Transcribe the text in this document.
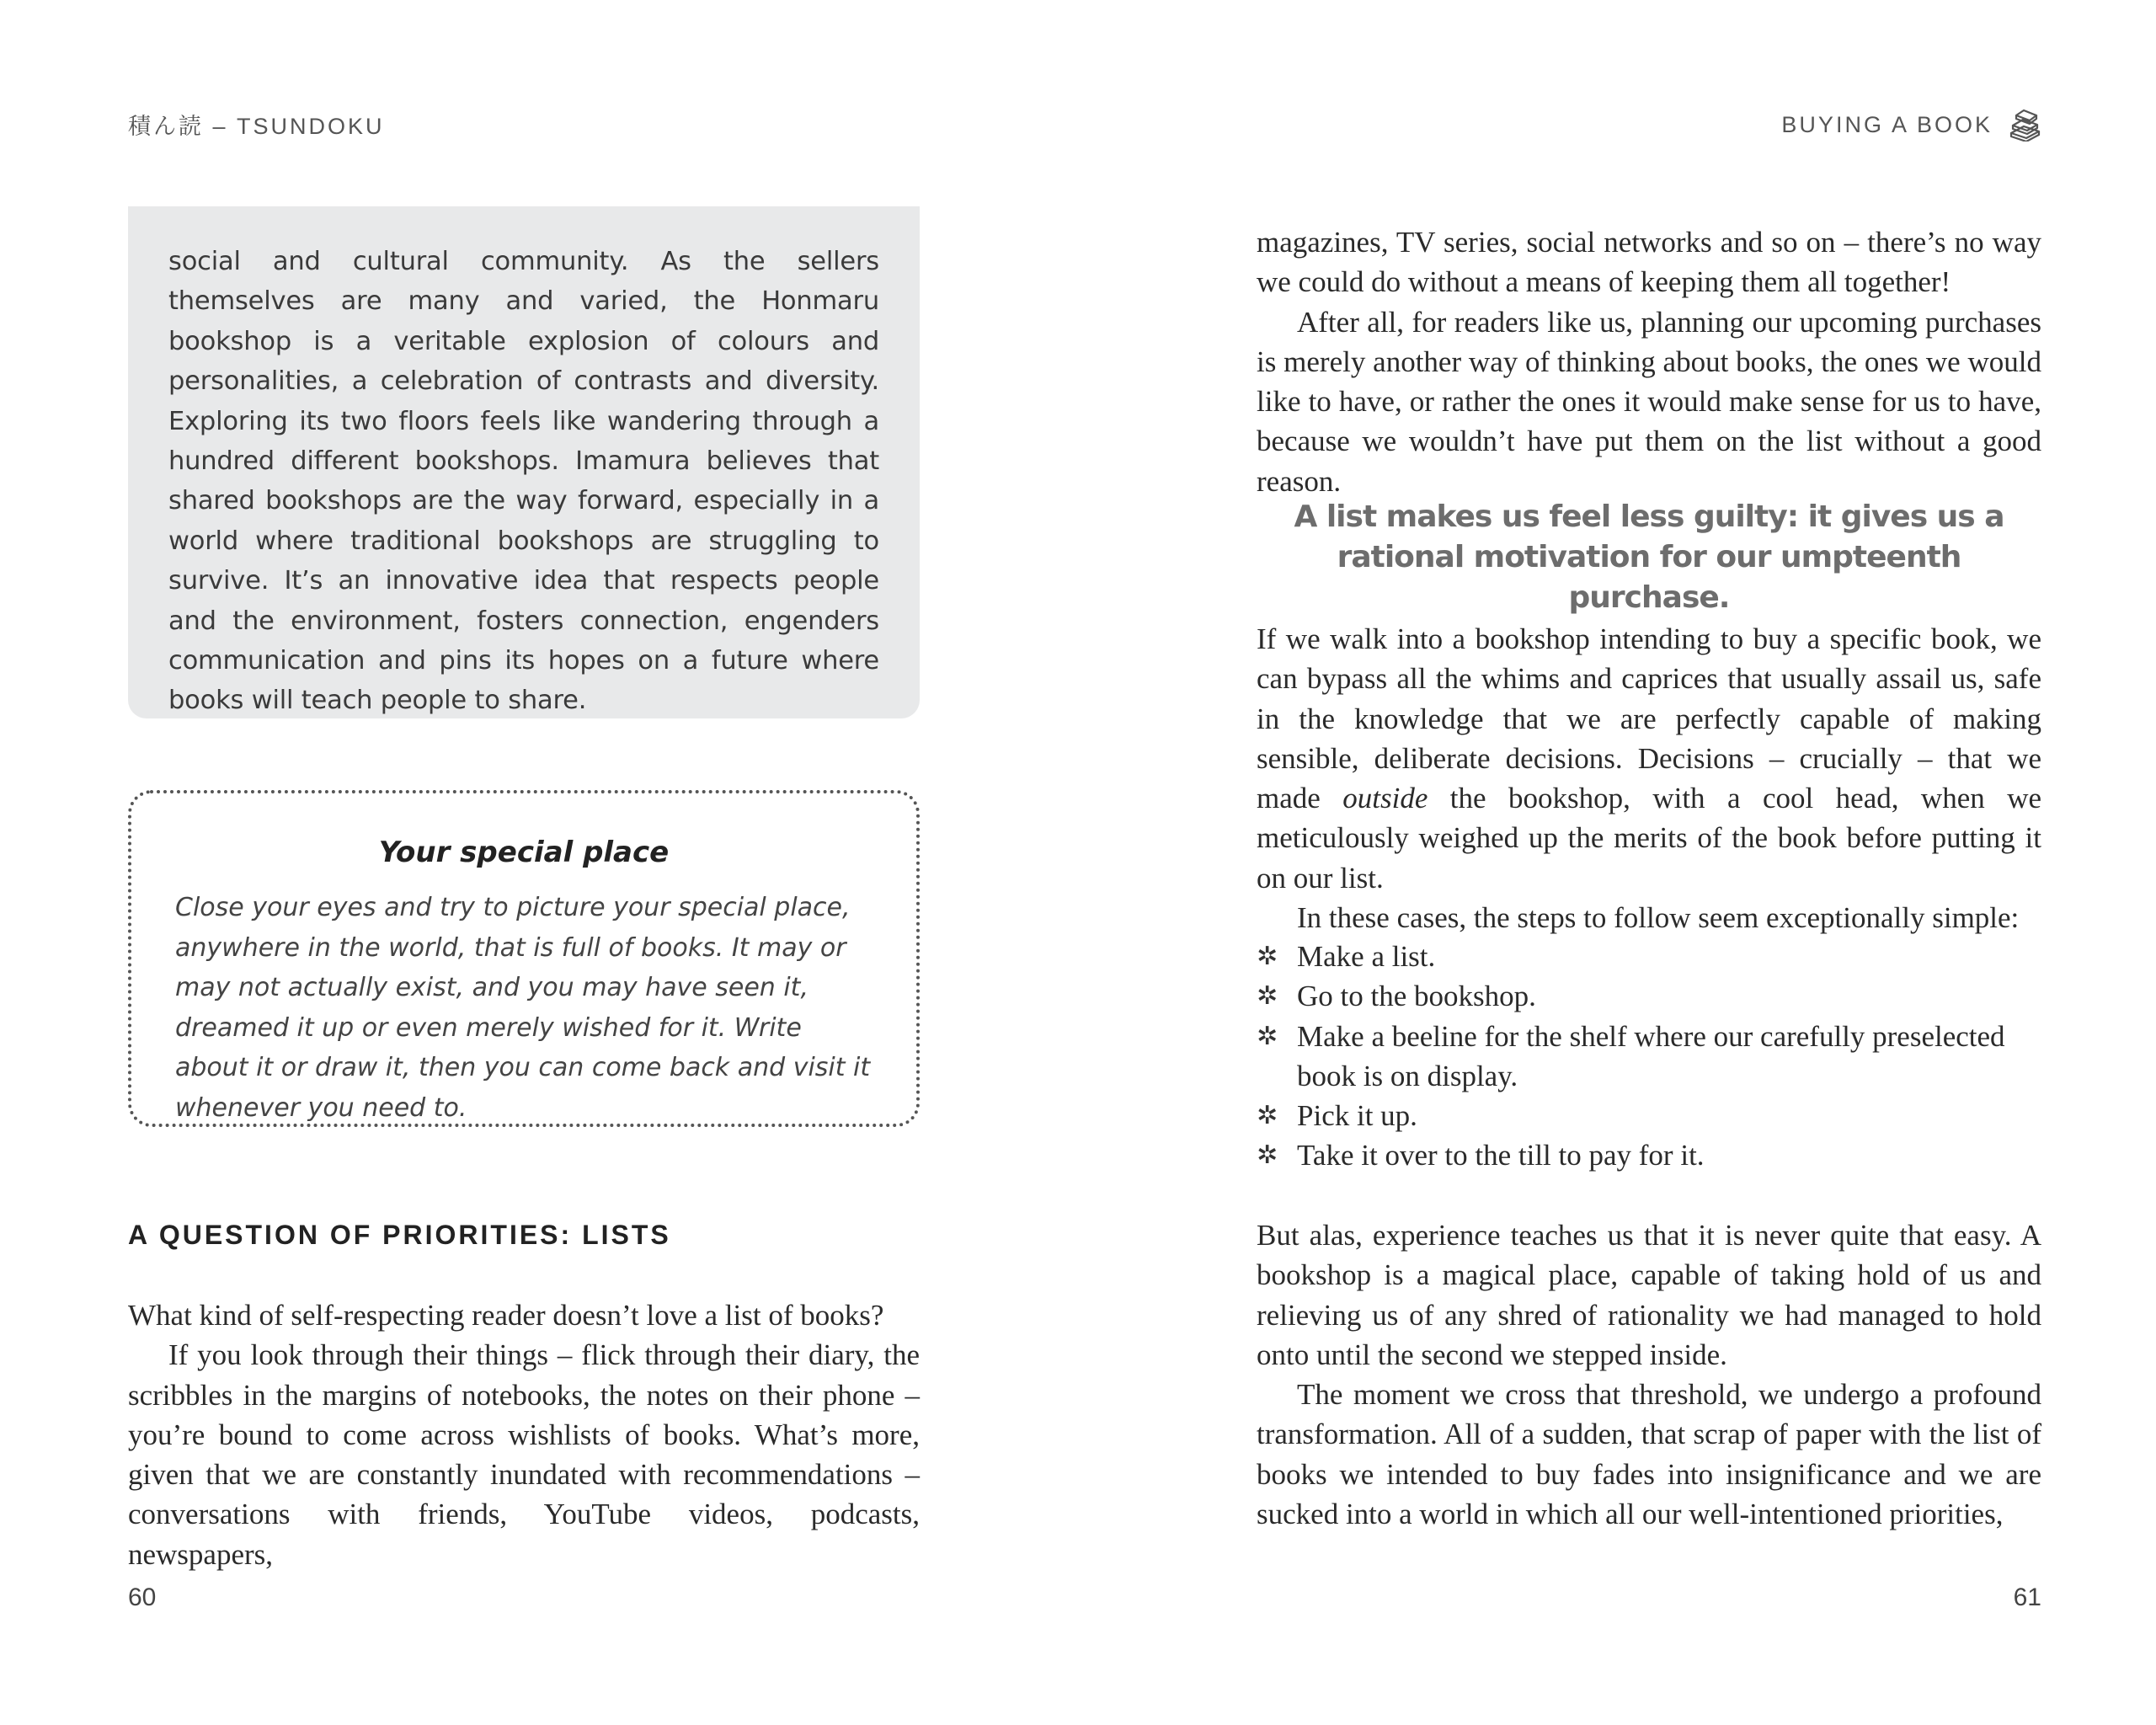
積ん読 – TSUNDOKU

social and cultural community. As the sellers themselves are many and varied, the Honmaru bookshop is a veritable explosion of colours and personalities, a celebration of contrasts and diversity. Exploring its two floors feels like wandering through a hundred different bookshops. Imamura believes that shared bookshops are the way forward, especially in a world where traditional bookshops are struggling to survive. It’s an innovative idea that respects people and the environment, fosters connection, engenders communication and pins its hopes on a future where books will teach people to share.

Your special place

Close your eyes and try to picture your special place, anywhere in the world, that is full of books. It may or may not actually exist, and you may have seen it, dreamed it up or even merely wished for it. Write about it or draw it, then you can come back and visit it whenever you need to.

A QUESTION OF PRIORITIES: LISTS

What kind of self-respecting reader doesn’t love a list of books?

If you look through their things – flick through their diary, the scribbles in the margins of notebooks, the notes on their phone – you’re bound to come across wishlists of books. What’s more, given that we are constantly inundated with recommendations – conversations with friends, YouTube videos, podcasts, newspapers,

60
BUYING A BOOK

magazines, TV series, social networks and so on – there’s no way we could do without a means of keeping them all together!

After all, for readers like us, planning our upcoming purchases is merely another way of thinking about books, the ones we would like to have, or rather the ones it would make sense for us to have, because we wouldn’t have put them on the list without a good reason.

A list makes us feel less guilty: it gives us a rational motivation for our umpteenth purchase.

If we walk into a bookshop intending to buy a specific book, we can bypass all the whims and caprices that usually assail us, safe in the knowledge that we are perfectly capable of making sensible, deliberate decisions. Decisions – crucially – that we made outside the bookshop, with a cool head, when we meticulously weighed up the merits of the book before putting it on our list.

In these cases, the steps to follow seem exceptionally simple:

✲ Make a list.
✲ Go to the bookshop.
✲ Make a beeline for the shelf where our carefully preselected book is on display.
✲ Pick it up.
✲ Take it over to the till to pay for it.

But alas, experience teaches us that it is never quite that easy. A bookshop is a magical place, capable of taking hold of us and relieving us of any shred of rationality we had managed to hold onto until the second we stepped inside.

The moment we cross that threshold, we undergo a profound transformation. All of a sudden, that scrap of paper with the list of books we intended to buy fades into insignificance and we are sucked into a world in which all our well-intentioned priorities,

61
